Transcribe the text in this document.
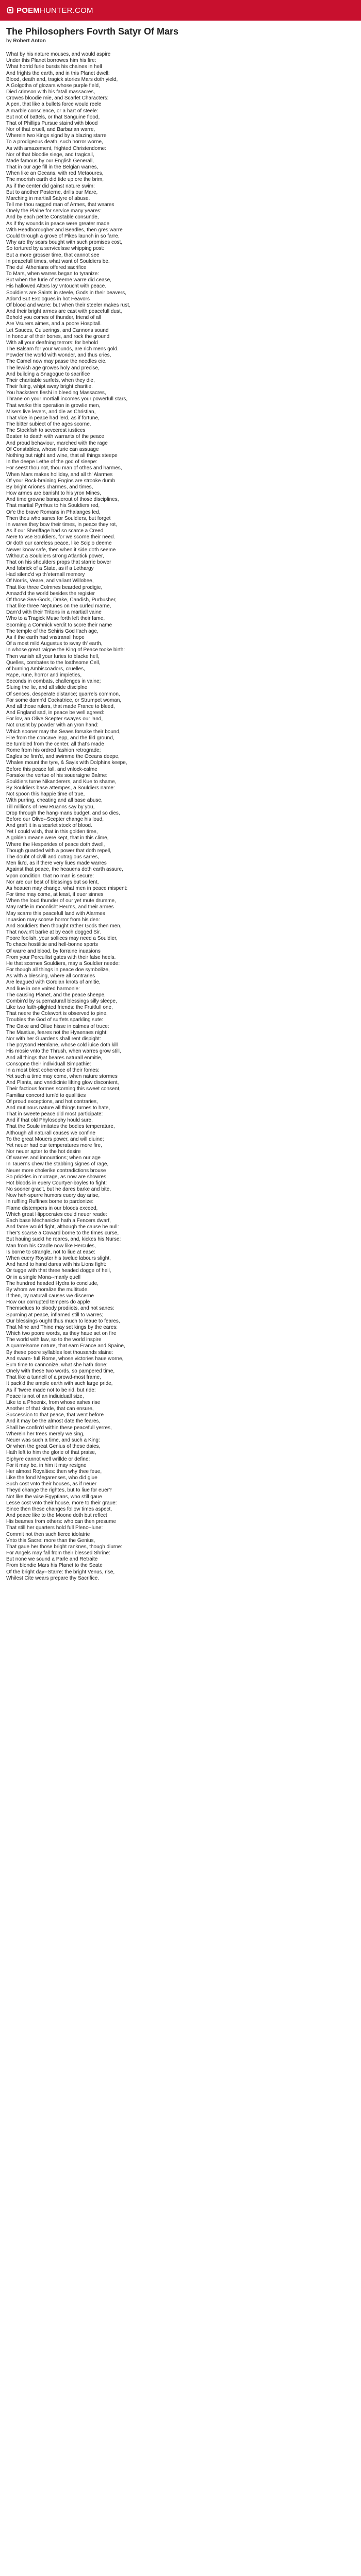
POEM HUNTER.COM
The Philosophers Fovrth Satyr Of Mars
by Robert Anton
What by his nature mouses, and would aspire
Under this Planet borrowes him his fire:
What horrid furie bursts his chaines in hell
And frights the earth, and in this Planet dwell:
Blood, death and, tragick stories Mars doth yield,
A Golgotha of glozars whose purple field,
Died crimson with his fatall massacres,
Crowes bloodie mie, and Scarlet Characters:
A pen, that like a bullets force would reele
A marble conscience, or a hart of steele:
But not of battels, or that Sanguine flood,
That of Phillips Pursue staind with blood
Nor of that cruell, and Barbarian warre,
Wherein two Kings signd by a blazing starre
To a prodigeous death, such horror worne,
As with amazement, frighted Christendome:
Nor of that bloodie siege, and tragicall,
Made famous by our English Generall,
That in our age fill in the Belgian warres,
When like an Oceans, with red Metaoures,
The moorish earth did tide up ore the brim,
As if the center did gainst nature swim:
But to another Posterne, drills our Mare,
Marching in martiall Satyre of abuse.
Tell me thou ragged man of Armes, that weares
Onely the Plaine for service many yeares:
And by each petite Constable consunde,
As if thy wounds in peace were greater made
With Headborougher and Beadles, then gres warre
Could through a grove of Pikes launch in so farre.
Why are thy scars bought with such promises cost,
So tortured by a servicelsse whipping post:
But a more grosser time, that cannot see
In peacefull times, what want of Souldiers be.
The dull Athenians offered sacrifice
To Mars, when warres began to tyranize:
But when the furie of steerne warre did cease,
His hallowed Altars lay vntoucht with peace.
Souldiers are Saints in steele, Gods in their beavers,
Ador'd But Exologues in hot Feavors
Of blood and warre: but when their steeler makes rust,
And their bright armes are cast with peacefull dust,
Behold you comes of thunder, friend of all
Are Vsurers aimes, and a poore Hospitall.
Let Sauces, Culuerings, and Cannons sound
In honour of their bones, and rock the ground
With all your deafning terrors: for behold
The Balsam for your wounds, are rich mens gold.
Powder the world with wonder, and thus cries,
The Camel now may passe the needles eie.
The lewish age growes holy and precise,
And building a Snagogue to sacrifice
Their charitable surfets, when they die,
Their fuing, whipt away bright charitie.
You hacksters fleshi in bleeding Massacres,
Thrane on your mortiall incomes your powerfull stars,
That warke this operation in growlie men,
Misers live levers, and die as Christian,
That vice in peace had lerd, as if fortune,
The bitter subiect of the ages scorne.
The Stockfish to sevcerest iustices
Beaten to death with warrants of the peace
And proud behaviour, marched with the rage
Of Constables, whose furie can assuage
Nothing but night and wine, that all things steepe
In the deepe Lethe of the god of sleepe:
For seest thou not, thou man of othes and harmes,
When Mars makes holliday, and all th' Alarmes
Of your Rock-braining Engins are strooke dumb
By bright Ariones charmes, and times,
How armes are banisht to his yron Mines,
And time growne banquerout of those disciplines,
That martial Pyrrhus to his Souldiers red,
Or'e the brave Romans in Phalanges led,
Then thou who sanes for Souldiers, but forget
In warres they bow their times, in peace they rot,
As if our Sheriffage had so scarce a Creed
Nere to vse Souldiers, for we scorne their need.
Or doth our careless peace, like Scipio deeme
Newer know safe, then when it side doth seeme
Without a Souldiers strong Atlantick power,
That on his shoulders props that starrie bower
And fabrick of a State, as if a Lethargy
Had silenc'd vp th'eternall memory
Of Norris, Veare, and valiant Willobee,
That like three Colmnes bearded prodigie,
Amazd'd the world besides the register
Of those Sea-Gods, Drake, Candish, Purbusher,
That like three Neptunes on the curled marne,
Dam'd with their Tritons in a martiall vaine
Who to a Tragick Muse forth left their fame,
Scorning a Comnick verdit to score their name
The temple of the Sehiris God I'ach age,
As if the earth had vnstranall hope
Of a most mild Augustus to sway th' earth,
In whose great raigne the King of Peace tooke birth:
Then vanish all your furies to blacke hell,
Quelles, combates to the loathsome Cell,
of burning Ambiscoadors, cruelles,
Rape, rune, horror and impieties,
Seconds in combats, challenges in vaine;
Sluing the lie, and all slide disciplne
Of sences, desperate distance; quarrels common,
For some damn'd Cockatrice, or Strumpet woman,
And all those rulers, that made France to bleed,
And England sad, in peace be well agreed:
For lov, an Olive Scepter swayes our land,
Not crusht by powder with an yron hand:
Which sooner may the Seaes forsake their bound,
Fire from the concave lepp, and the fild ground,
Be tumbled from the center, all that's made
Rome from his ordred fashion retrograde;
Eagles be finn'd, and swimme the Oceans deepe,
Whales mount the tyre, & Sayls with Dolphins keepe,
Before this peace fall, and vnlock-calme
Forsake the vertue of his soueraigne Balme:
Souldiers turne Nikanderers, and Kue to shame,
By Souldiers base attempes, a Souldiers name:
Not spoon this happie time of true,
With purring, cheating and all base abuse,
Till millions of new Ruanns say by you,
Drop through the hang-mans budget, and so dies,
Before our Olive--Scepter change his loud,
And graft it in a scarlet stock of blood.
Yet I could wish, that in this golden time,
A golden meane were kept, that in this clime,
Where the Hesperides of peace doth dwell,
Though guarded with a power that doth repell,
The doubt of civill and outragious sarres,
Men liu'd, as if there very liues made warres
Against that peace, the heauens doth earth assure,
Vpon condition, that no man is secure:
Nor are our best of blessings but so lent,
As heauen may change, what men in peace mispent:
For time may come, at least, if euer sinnes
When the loud thunder of our yet mute drumme,
May rattle in moonlisht Heu'ns, and their armes
May scarre this peacefull land with Alarmes
Inuasion may scorse horror from his den:
And Souldiers then thought rather Gods then men,
That now,n't barke at by each dogged Sir.
Poore foolish, your sollices may need a Souldier,
To chace hostilitie and hell-bonne sports
Of warre and blood, by forraine inuasions
From your Percullist gates with their false heels.
He that scornes Souldiers, may a Souldier neede:
For though all things in peace doe symbolize,
As with a blessing, where all contraries
Are leagued with Gordian knots of amitie,
And liue in one vnited harmonie:
The causing Planet, and the peace sheepe,
Combin'd by supernaturall blessings silly sleepe,
Like two faith-plighted friends: the Fruitfull one,
That neere the Colewort is observed to pine,
Troubles the God of surfets sparkling sute:
The Oake and Oliue hisse in calmes of truce:
The Mastiue, feares not the Hyaenaes night:
Nor with her Guardens shall rent dispight:
The poysond Hemlane, whose cold iuice doth kill
His mosie vnto the Thrush, when warres grow still,
And all things that beares naturall enmitie,
Consopne their individuall Simpathie:
In a most blest coherence of their fomes:
Yet such a time may come, when nature stormes
And Plants, and vnridicinie lifting glow discontent,
Their factious formes scorning this sweet consent,
Familiar concord turn'd to quallities
Of proud exceptions, and hot contraries,
And mutinous nature all things turnes to hate,
That in sweete peace did most participate:
And if that old Phylosophy hould sure,
That the Soule imitates the bodies temperature,
Although all naturall causes we confine
To the great Mouers power, and will diuine;
Yet neuer had our temperatures more fire,
Nor neuer apter to the hot desire
Of warres and innouations; when our age
In Tauerns chew the stabbing signes of rage,
Neuer more cholerike contradictions brouse
So prickles in murrage, as now are showres
Hot bloods in euery Courtyer-boyles to fight:
No sooner grac't, but he dares barke and bite,
Now heh-spurre humors euery day arise,
In ruffling Ruffines borne to pardonize:
Flame distempers in our bloods exceed,
Which great Hippocrates could neuer reade:
Each base Mechanicke hath a Fencers dwarf,
And fame would fight, although the cause be null:
Ther's scarse a Coward borne to the times curse,
But hauing suckt he roares, and, kickes his Nurse:
Man from his Cradle now like Hercules,
Is borne to strangle, not to liue at ease:
When euery Royster his twelue labours slight,
And hand to hand dares with his Lions fight:
Or tugge with that three headed dogge of hell,
Or in a single Mona--manly quell
The hundred headed Hydra to conclude,
By whom we moralize the multitude.
If then, by naturall causes we discerne
How our corrupted tempers do apple
Themselues to bloody prodiiots, and hot sanes:
Spurning at peace, inflamed still to warres;
Our blessings ought thus much to leaue to feares,
That Mine and Thine may set kings by the eares:
Which two poore words, as they haue set on fire
The world with law, so to the world inspire
A quarrelsome nature, that earn France and Spaine,
By these poore syllables lost thousands slaine:
And swarn- full Rome, whose victories haue worne,
Eu'n time to cannonize, what she hath done:
Onely with these two words, so pampered time,
That like a tunnell of a prowd-most frame,
It pack'd the ample earth with such large pride,
As if 'twere made not to be rid, but ride:
Peace is not of an indiuiduall size,
Like to a Phoenix, from whose ashes rise
Another of that kinde, that can ensure,
Succession to that peace, that went before
And it may be the almost date the feares,
Shall be confin'd within these peacefull yerres,
Wherein her trees merely we sing,
Neuer was such a time, and such a King:
Or when the great Genius of these daies,
Hath left to him the glorie of that praise,
Siphyre cannot well wrillde or define:
For it may be, in him it may resigne
Her almost Royalties: then why thee feue,
Like the fond Megarenses, who did giue
Such cost vnto their houses, as if neuer
Theyd change the rightes, but to liue for euer?
Not like the wise Egyptians, who still gaue
Lesse cost vnto their house, more to their graue:
Since then these changes follow times aspect,
And peace like to the Moone doth but reflect
His beames from others: who can then presume
That still her quarters hold full Plenc--lune:
Commit not then such fierce idolatrie
Vnto this Sacre: more than the Genius,
That gaue her those bright ranknes, though diurne:
For Angels may fall from their blessed Shrine:
But none we sound a Parle and Retraite
From blondie Mars his Planet to the Seate
Of the bright day--Starre: the bright Venus, rise,
Whilest Cite wears prepare thy Sacrifice.
